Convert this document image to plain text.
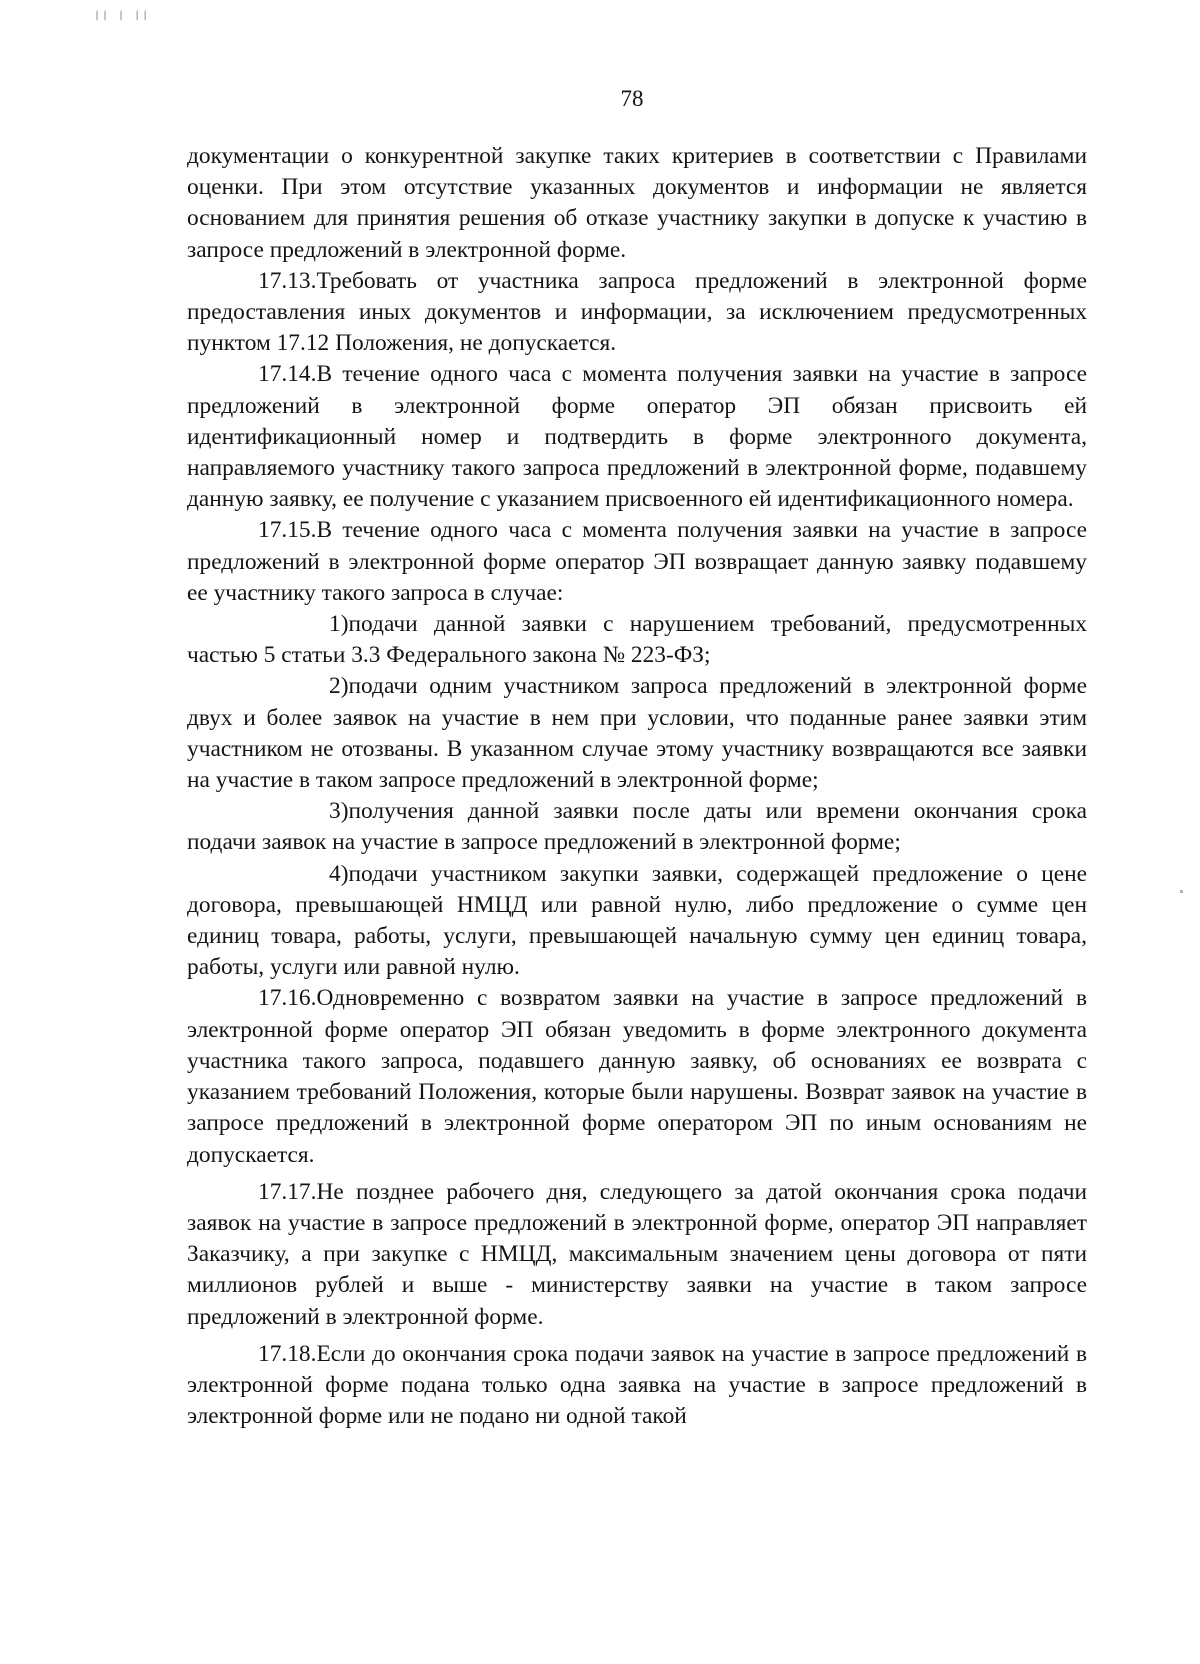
|| | ||
78

документации о конкурентной закупке таких критериев в соответствии с Правилами оценки. При этом отсутствие указанных документов и информации не является основанием для принятия решения об отказе участнику закупки в допуске к участию в запросе предложений в электронной форме.

17.13.Требовать от участника запроса предложений в электронной форме предоставления иных документов и информации, за исключением предусмотренных пунктом 17.12 Положения, не допускается.

17.14.В течение одного часа с момента получения заявки на участие в запросе предложений в электронной форме оператор ЭП обязан присвоить ей идентификационный номер и подтвердить в форме электронного документа, направляемого участнику такого запроса предложений в электронной форме, подавшему данную заявку, ее получение с указанием присвоенного ей идентификационного номера.

17.15.В течение одного часа с момента получения заявки на участие в запросе предложений в электронной форме оператор ЭП возвращает данную заявку подавшему ее участнику такого запроса в случае:

1)подачи данной заявки с нарушением требований, предусмотренных частью 5 статьи 3.3 Федерального закона № 223-ФЗ;

2)подачи одним участником запроса предложений в электронной форме двух и более заявок на участие в нем при условии, что поданные ранее заявки этим участником не отозваны. В указанном случае этому участнику возвращаются все заявки на участие в таком запросе предложений в электронной форме;

3)получения данной заявки после даты или времени окончания срока подачи заявок на участие в запросе предложений в электронной форме;

4)подачи участником закупки заявки, содержащей предложение о цене договора, превышающей НМЦД или равной нулю, либо предложение о сумме цен единиц товара, работы, услуги, превышающей начальную сумму цен единиц товара, работы, услуги или равной нулю.

17.16.Одновременно с возвратом заявки на участие в запросе предложений в электронной форме оператор ЭП обязан уведомить в форме электронного документа участника такого запроса, подавшего данную заявку, об основаниях ее возврата с указанием требований Положения, которые были нарушены. Возврат заявок на участие в запросе предложений в электронной форме оператором ЭП по иным основаниям не допускается.

17.17.Не позднее рабочего дня, следующего за датой окончания срока подачи заявок на участие в запросе предложений в электронной форме, оператор ЭП направляет Заказчику, а при закупке с НМЦД, максимальным значением цены договора от пяти миллионов рублей и выше - министерству заявки на участие в таком запросе предложений в электронной форме.

17.18.Если до окончания срока подачи заявок на участие в запросе предложений в электронной форме подана только одна заявка на участие в запросе предложений в электронной форме или не подано ни одной такой
